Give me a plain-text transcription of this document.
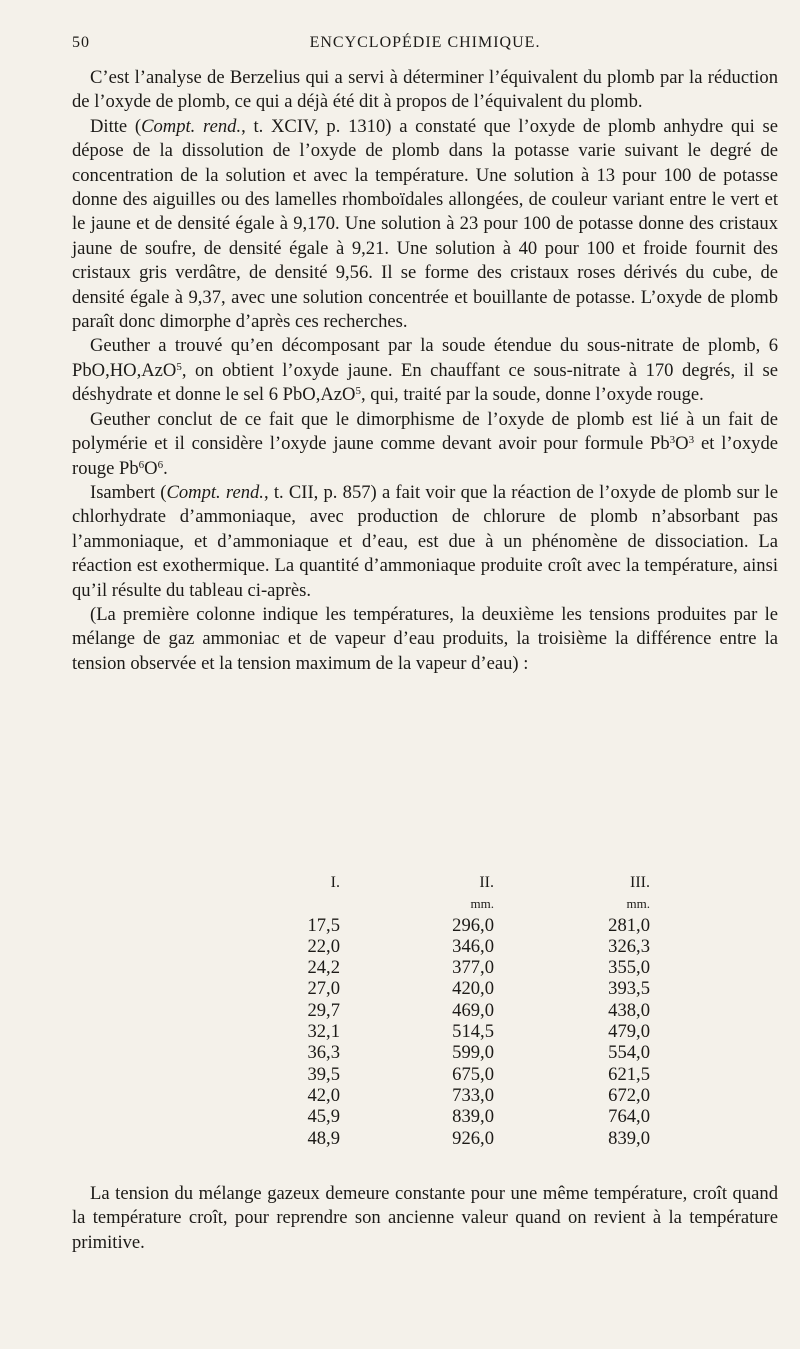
50	ENCYCLOPÉDIE CHIMIQUE.

C’est l’analyse de Berzelius qui a servi à déterminer l’équivalent du plomb par la réduction de l’oxyde de plomb, ce qui a déjà été dit à propos de l’équivalent du plomb.

Ditte (Compt. rend., t. XCIV, p. 1310) a constaté que l’oxyde de plomb anhydre qui se dépose de la dissolution de l’oxyde de plomb dans la potasse varie suivant le degré de concentration de la solution et avec la température. Une solution à 13 pour 100 de potasse donne des aiguilles ou des lamelles rhomboïdales allongées, de couleur variant entre le vert et le jaune et de densité égale à 9,170. Une solution à 23 pour 100 de potasse donne des cristaux jaune de soufre, de densité égale à 9,21. Une solution à 40 pour 100 et froide fournit des cristaux gris verdâtre, de densité 9,56. Il se forme des cristaux roses dérivés du cube, de densité égale à 9,37, avec une solution concentrée et bouillante de potasse. L’oxyde de plomb paraît donc dimorphe d’après ces recherches.

Geuther a trouvé qu’en décomposant par la soude étendue du sous-nitrate de plomb, 6 PbO,HO,AzO$^5$, on obtient l’oxyde jaune. En chauffant ce sous-nitrate à 170 degrés, il se déshydrate et donne le sel 6 PbO,AzO$^5$, qui, traité par la soude, donne l’oxyde rouge.

Geuther conclut de ce fait que le dimorphisme de l’oxyde de plomb est lié à un fait de polymérie et il considère l’oxyde jaune comme devant avoir pour formule $Pb^3O^3$ et l’oxyde rouge $Pb^6O^6$.

Isambert (Compt. rend., t. CII, p. 857) a fait voir que la réaction de l’oxyde de plomb sur le chlorhydrate d’ammoniaque, avec production de chlorure de plomb n’absorbant pas l’ammoniaque, et d’ammoniaque et d’eau, est due à un phénomène de dissociation. La réaction est exothermique. La quantité d’ammoniaque produite croît avec la température, ainsi qu’il résulte du tableau ci-après.

(La première colonne indique les températures, la deuxième les tensions produites par le mélange de gaz ammoniac et de vapeur d’eau produits, la troisième la différence entre la tension observée et la tension maximum de la vapeur d’eau) :

I.	II.	III.	
	mm.	mm.	
17,5	296,0	281,0	
22,0	346,0	326,3	
24,2	377,0	355,0	
27,0	420,0	393,5	
29,7	469,0	438,0	
32,1	514,5	479,0	
36,3	599,0	554,0	
39,5	675,0	621,5	
42,0	733,0	672,0	
45,9	839,0	764,0	
48,9	926,0	839,0	

La tension du mélange gazeux demeure constante pour une même température, croît quand la température croît, pour reprendre son ancienne valeur quand on revient à la température primitive.
